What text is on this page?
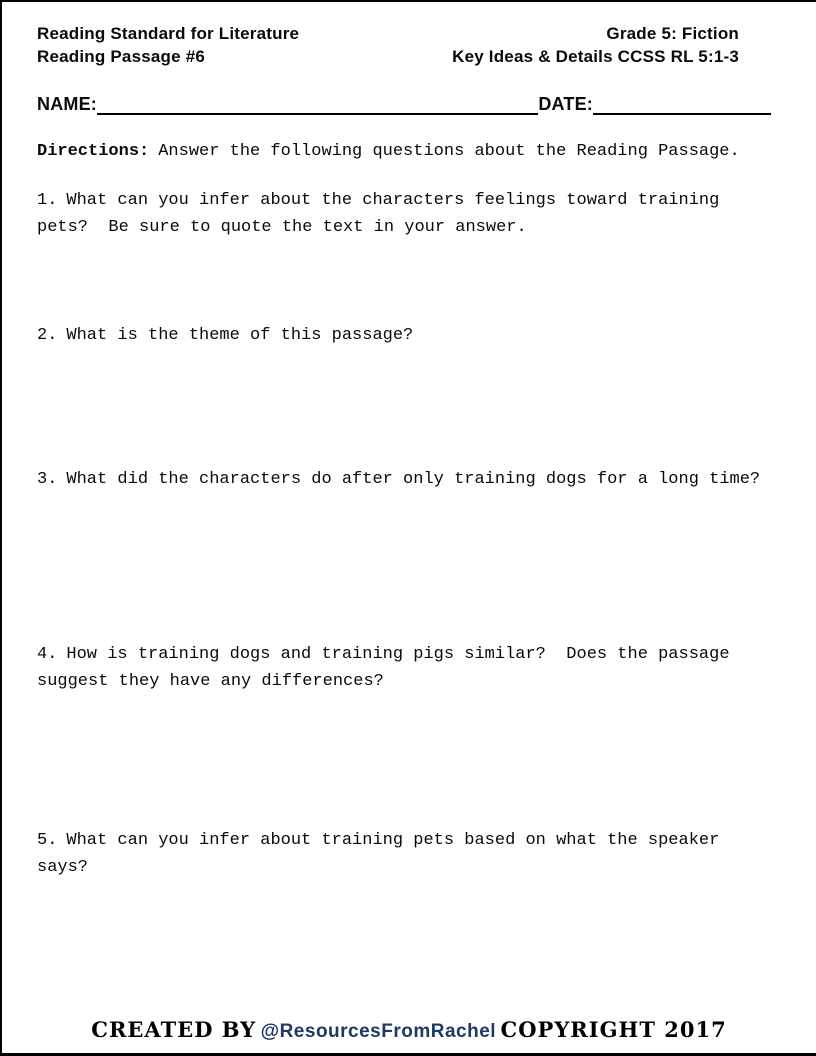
Reading Standard for Literature
Reading Passage #6
Grade 5: Fiction
Key Ideas & Details CCSS RL 5:1-3
NAME:	DATE:

Directions: Answer the following questions about the Reading Passage.

1. What can you infer about the characters feelings toward training pets?  Be sure to quote the text in your answer.

2. What is the theme of this passage?

3. What did the characters do after only training dogs for a long time?

4. How is training dogs and training pigs similar?  Does the passage suggest they have any differences?

5. What can you infer about training pets based on what the speaker says?

CREATED BY @ResourcesFromRachel COPYRIGHT 2017
